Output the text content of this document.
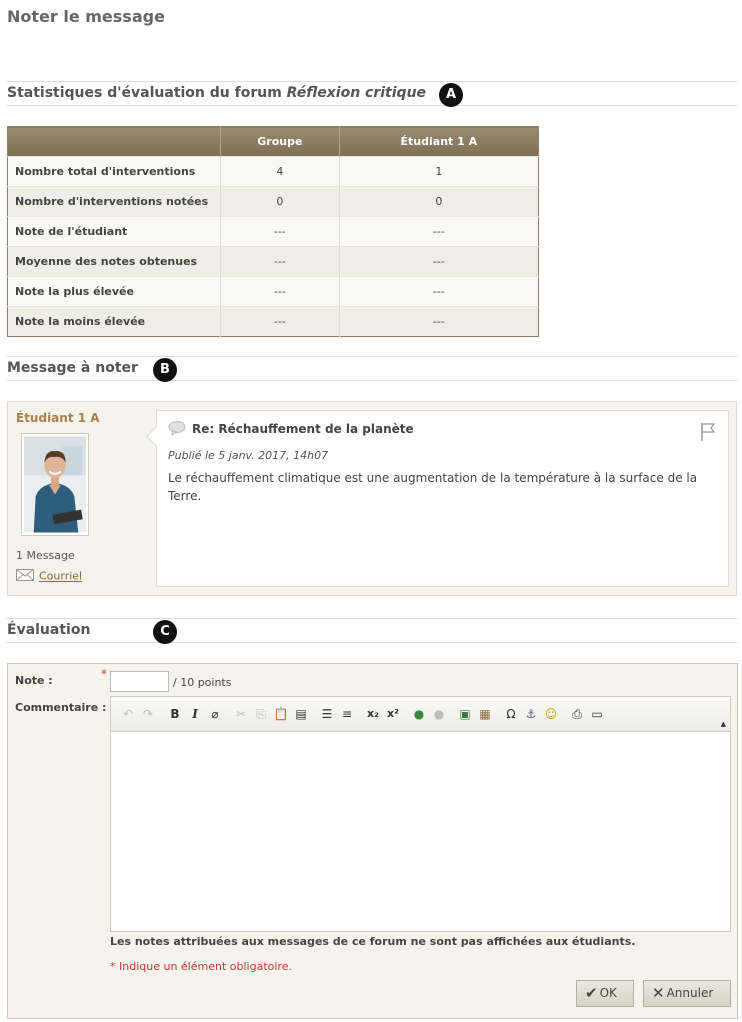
Noter le message
Statistiques d'évaluation du forum Réflexion critique	A
	Groupe	Étudiant 1 A
Nombre total d'interventions	4	1
Nombre d'interventions notées	0	0
Note de l'étudiant	---	---
Moyenne des notes obtenues	---	---
Note la plus élevée	---	---
Note la moins élevée	---	---
Message à noter	B
Étudiant 1 A
1 Message
Courriel
Re: Réchauffement de la planète
Publié le 5 janv. 2017, 14h07
Le réchauffement climatique est une augmentation de la température à la surface de la Terre.
Évaluation	C
Note :	*
/ 10 points
Commentaire : ↶ ↷ B	I	⌀	✂ ⎘ 📋 ▤ ☰ ≡ x₂ x² ● ● ▣ ▦ Ω ⚓ ☺ ⎙ ▭
▲
Les notes attribuées aux messages de ce forum ne sont pas affichées aux étudiants.
* Indique un élément obligatoire.
✔ OK	✕ Annuler
